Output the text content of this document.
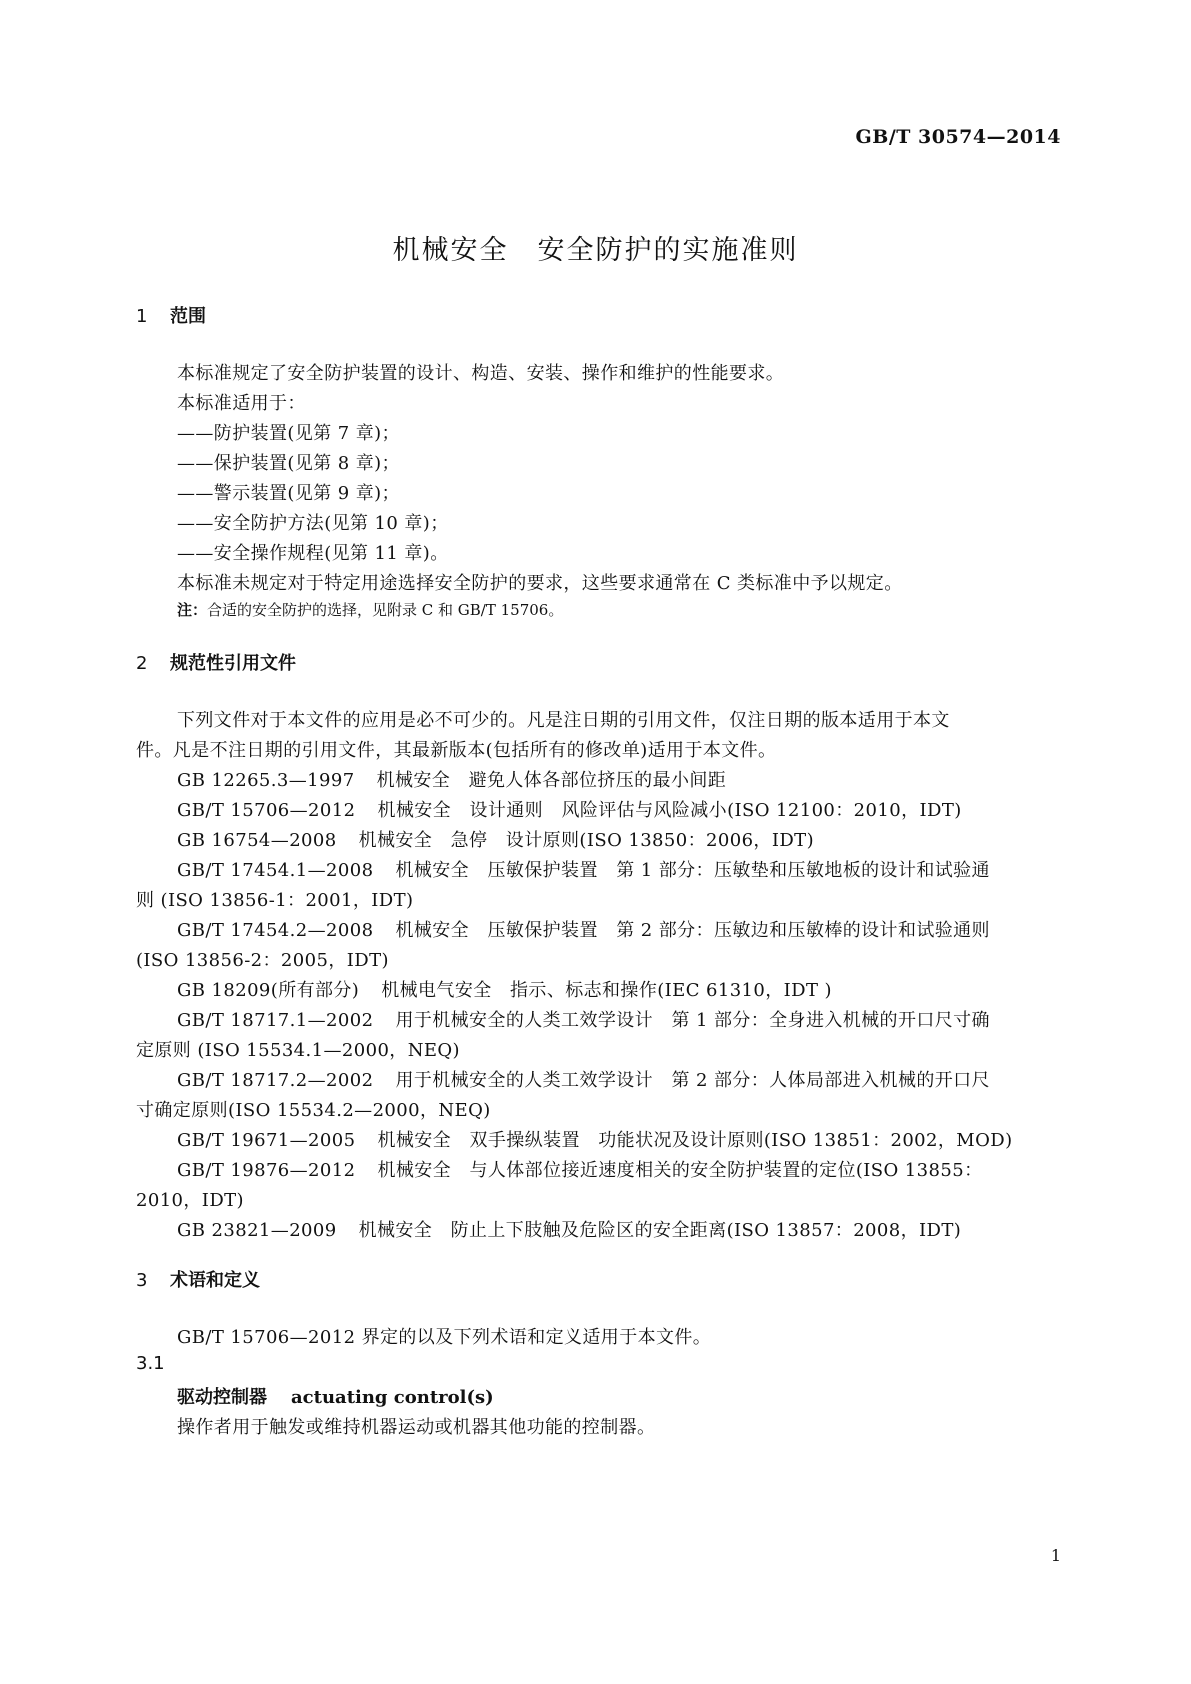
GB/T 30574—2014
机械安全　安全防护的实施准则
1 范围
本标准规定了安全防护装置的设计、构造、安装、操作和维护的性能要求。
本标准适用于：
——防护装置(见第 7 章)；
——保护装置(见第 8 章)；
——警示装置(见第 9 章)；
——安全防护方法(见第 10 章)；
——安全操作规程(见第 11 章)。
本标准未规定对于特定用途选择安全防护的要求，这些要求通常在 C 类标准中予以规定。
注：合适的安全防护的选择，见附录 C 和 GB/T 15706。
2 规范性引用文件
下列文件对于本文件的应用是必不可少的。凡是注日期的引用文件，仅注日期的版本适用于本文
件。凡是不注日期的引用文件，其最新版本(包括所有的修改单)适用于本文件。
GB 12265.3—1997 机械安全　避免人体各部位挤压的最小间距
GB/T 15706—2012 机械安全　设计通则　风险评估与风险减小(ISO 12100：2010，IDT)
GB 16754—2008 机械安全　急停　设计原则(ISO 13850：2006，IDT)
GB/T 17454.1—2008 机械安全　压敏保护装置　第 1 部分：压敏垫和压敏地板的设计和试验通
则 (ISO 13856-1：2001，IDT)
GB/T 17454.2—2008 机械安全　压敏保护装置　第 2 部分：压敏边和压敏棒的设计和试验通则
(ISO 13856-2：2005，IDT)
GB 18209(所有部分) 机械电气安全　指示、标志和操作(IEC 61310，IDT )
GB/T 18717.1—2002 用于机械安全的人类工效学设计　第 1 部分：全身进入机械的开口尺寸确
定原则 (ISO 15534.1—2000，NEQ)
GB/T 18717.2—2002 用于机械安全的人类工效学设计　第 2 部分：人体局部进入机械的开口尺
寸确定原则(ISO 15534.2—2000，NEQ)
GB/T 19671—2005 机械安全　双手操纵装置　功能状况及设计原则(ISO 13851：2002，MOD)
GB/T 19876—2012 机械安全　与人体部位接近速度相关的安全防护装置的定位(ISO 13855：
2010，IDT)
GB 23821—2009 机械安全　防止上下肢触及危险区的安全距离(ISO 13857：2008，IDT)
3 术语和定义
GB/T 15706—2012 界定的以及下列术语和定义适用于本文件。
3.1
驱动控制器 actuating control(s)
操作者用于触发或维持机器运动或机器其他功能的控制器。
1
